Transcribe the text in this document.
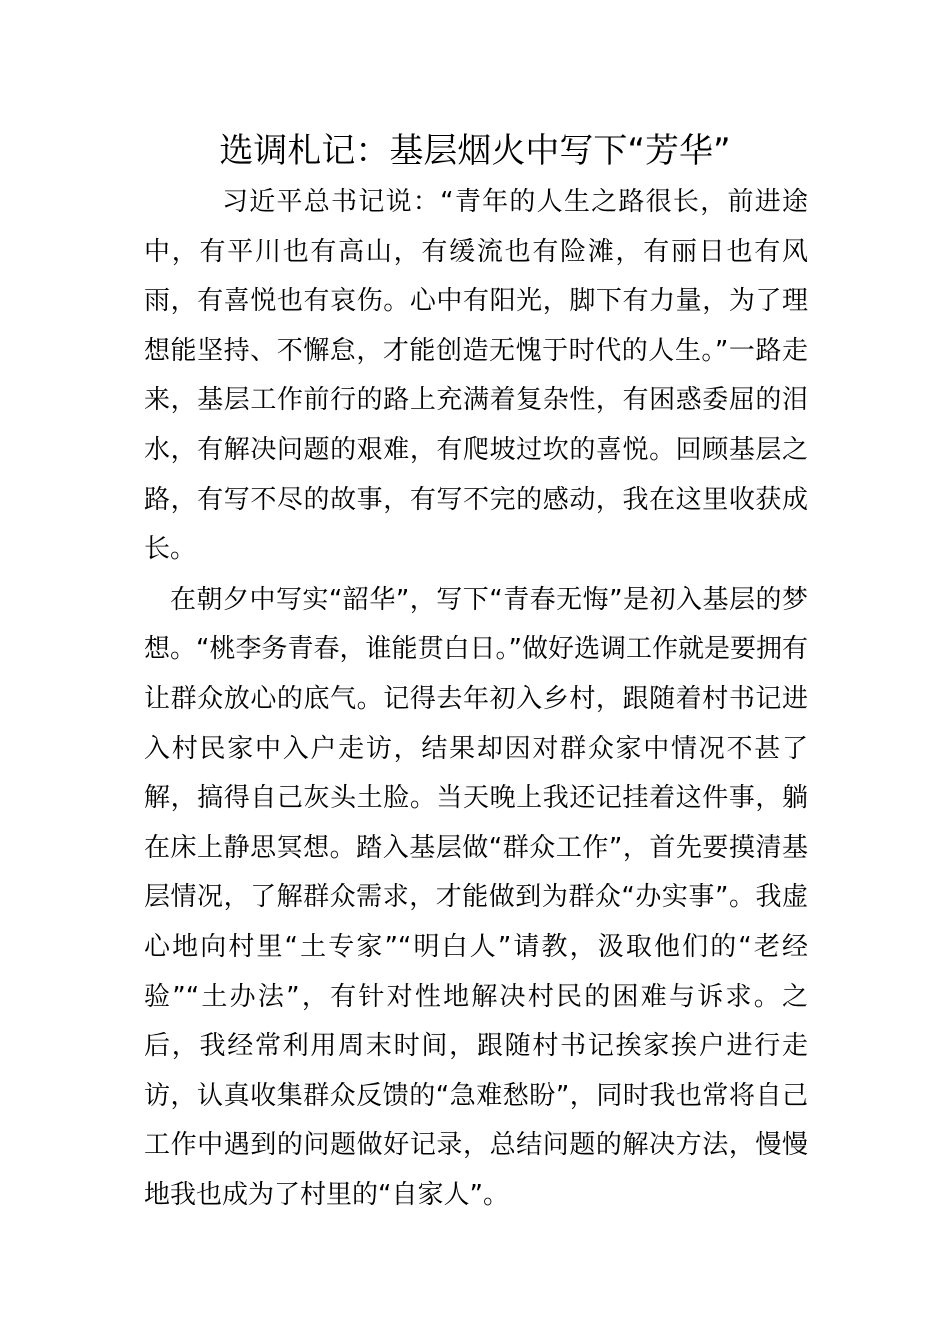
选调札记：基层烟火中写下“芳华”

习近平总书记说：“青年的人生之路很长，前进途中，有平川也有高山，有缓流也有险滩，有丽日也有风雨，有喜悦也有哀伤。心中有阳光，脚下有力量，为了理想能坚持、不懈怠，才能创造无愧于时代的人生。”一路走来，基层工作前行的路上充满着复杂性，有困惑委屈的泪水，有解决问题的艰难，有爬坡过坎的喜悦。回顾基层之路，有写不尽的故事，有写不完的感动，我在这里收获成长。

在朝夕中写实“韶华”，写下“青春无悔”是初入基层的梦想。“桃李务青春，谁能贯白日。”做好选调工作就是要拥有让群众放心的底气。记得去年初入乡村，跟随着村书记进入村民家中入户走访，结果却因对群众家中情况不甚了解，搞得自己灰头土脸。当天晚上我还记挂着这件事，躺在床上静思冥想。踏入基层做“群众工作”，首先要摸清基层情况，了解群众需求，才能做到为群众“办实事”。我虚心地向村里“土专家”“明白人”请教，汲取他们的“老经验”“土办法”，有针对性地解决村民的困难与诉求。之后，我经常利用周末时间，跟随村书记挨家挨户进行走访，认真收集群众反馈的“急难愁盼”，同时我也常将自己工作中遇到的问题做好记录，总结问题的解决方法，慢慢地我也成为了村里的“自家人”。
